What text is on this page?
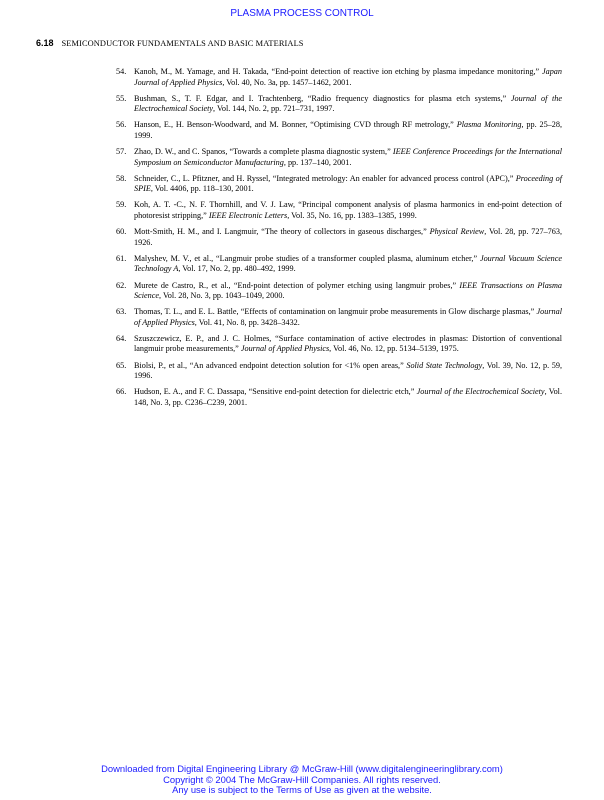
PLASMA PROCESS CONTROL
6.18 SEMICONDUCTOR FUNDAMENTALS AND BASIC MATERIALS
54. Kanoh, M., M. Yamage, and H. Takada, “End-point detection of reactive ion etching by plasma impedance monitoring,” Japan Journal of Applied Physics, Vol. 40, No. 3a, pp. 1457–1462, 2001.
55. Bushman, S., T. F. Edgar, and I. Trachtenberg, “Radio frequency diagnostics for plasma etch systems,” Journal of the Electrochemical Society, Vol. 144, No. 2, pp. 721–731, 1997.
56. Hanson, E., H. Benson-Woodward, and M. Bonner, “Optimising CVD through RF metrology,” Plasma Monitoring, pp. 25–28, 1999.
57. Zhao, D. W., and C. Spanos, “Towards a complete plasma diagnostic system,” IEEE Conference Proceedings for the International Symposium on Semiconductor Manufacturing, pp. 137–140, 2001.
58. Schneider, C., L. Pfitzner, and H. Ryssel, “Integrated metrology: An enabler for advanced process control (APC),” Proceeding of SPIE, Vol. 4406, pp. 118–130, 2001.
59. Koh, A. T. -C., N. F. Thornhill, and V. J. Law, “Principal component analysis of plasma harmonics in end-point detection of photoresist stripping,” IEEE Electronic Letters, Vol. 35, No. 16, pp. 1383–1385, 1999.
60. Mott-Smith, H. M., and I. Langmuir, “The theory of collectors in gaseous discharges,” Physical Review, Vol. 28, pp. 727–763, 1926.
61. Malyshev, M. V., et al., “Langmuir probe studies of a transformer coupled plasma, aluminum etcher,” Journal Vacuum Science Technology A, Vol. 17, No. 2, pp. 480–492, 1999.
62. Murete de Castro, R., et al., “End-point detection of polymer etching using langmuir probes,” IEEE Transactions on Plasma Science, Vol. 28, No. 3, pp. 1043–1049, 2000.
63. Thomas, T. L., and E. L. Battle, “Effects of contamination on langmuir probe measurements in Glow discharge plasmas,” Journal of Applied Physics, Vol. 41, No. 8, pp. 3428–3432.
64. Szuszczewicz, E. P., and J. C. Holmes, “Surface contamination of active electrodes in plasmas: Distortion of conventional langmuir probe measurements,” Journal of Applied Physics, Vol. 46, No. 12, pp. 5134–5139, 1975.
65. Biolsi, P., et al., “An advanced endpoint detection solution for <1% open areas,” Solid State Technology, Vol. 39, No. 12, p. 59, 1996.
66. Hudson, E. A., and F. C. Dassapa, “Sensitive end-point detection for dielectric etch,” Journal of the Electrochemical Society, Vol. 148, No. 3, pp. C236–C239, 2001.
Downloaded from Digital Engineering Library @ McGraw-Hill (www.digitalengineeringlibrary.com)
Copyright © 2004 The McGraw-Hill Companies. All rights reserved.
Any use is subject to the Terms of Use as given at the website.
